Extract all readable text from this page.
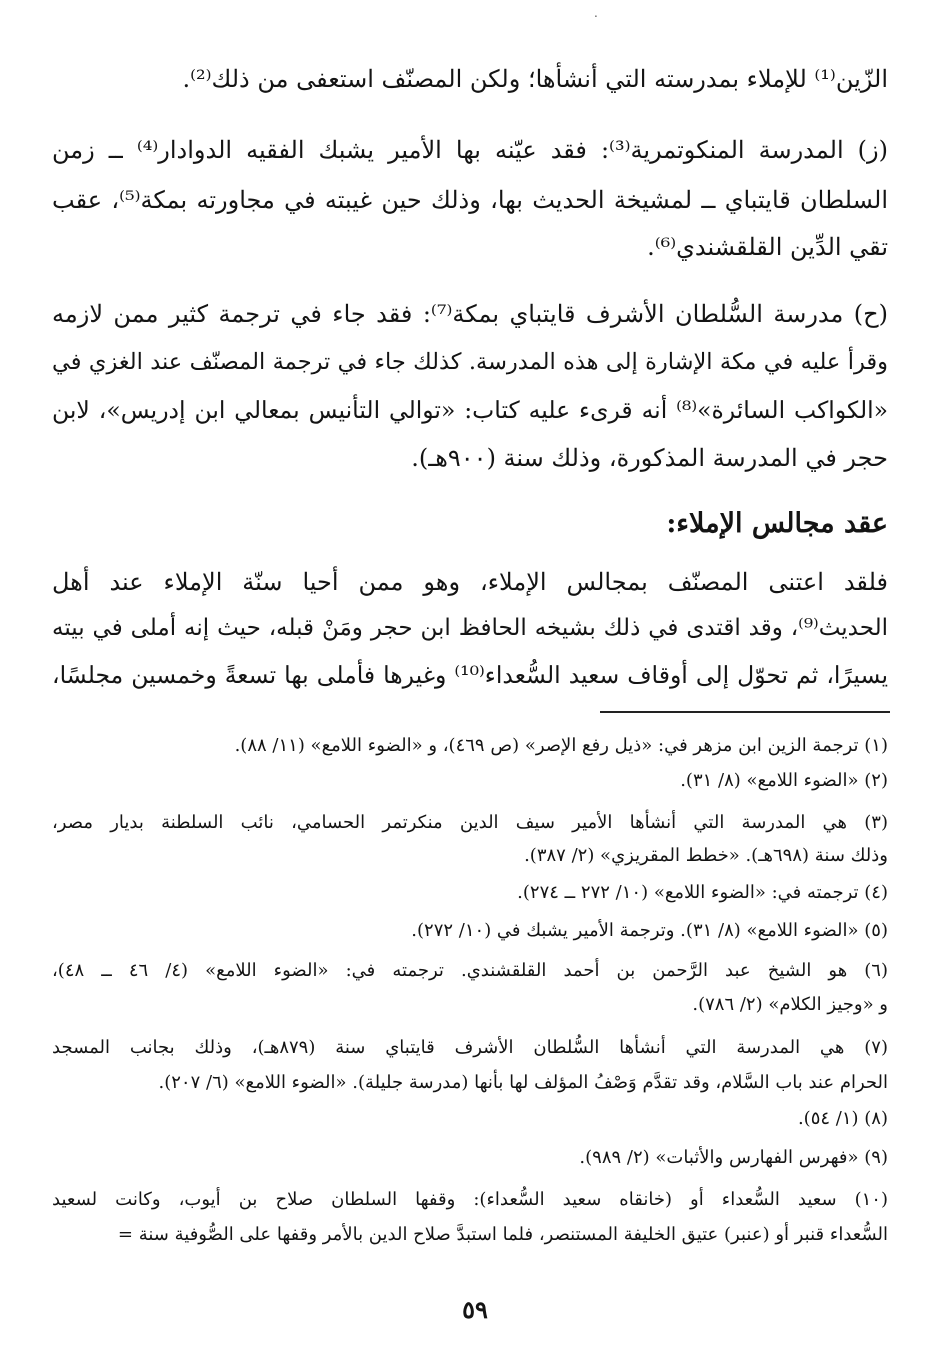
.
الزّين⁽¹⁾ للإملاء بمدرسته التي أنشأها؛ ولكن المصنّف استعفى من ذلك⁽²⁾.
(ز) المدرسة المنكوتمرية⁽³⁾: فقد عيّنه بها الأمير يشبك الفقيه الدوادار⁽⁴⁾ ــ زمن
السلطان قايتباي ــ لمشيخة الحديث بها، وذلك حين غيبته في مجاورته بمكة⁽⁵⁾، عقب
تقي الدِّين القلقشندي⁽⁶⁾.
(ح) مدرسة السُّلطان الأشرف قايتباي بمكة⁽⁷⁾: فقد جاء في ترجمة كثير ممن لازمه
وقرأ عليه في مكة الإشارة إلى هذه المدرسة. كذلك جاء في ترجمة المصنّف عند الغزي في
«الكواكب السائرة»⁽⁸⁾ أنه قرىء عليه كتاب: «توالي التأنيس بمعالي ابن إدريس»، لابن
حجر في المدرسة المذكورة، وذلك سنة (٩٠٠هـ).
عقد مجالس الإملاء:
فلقد اعتنى المصنّف بمجالس الإملاء، وهو ممن أحيا سنّة الإملاء عند أهل
الحديث⁽⁹⁾، وقد اقتدى في ذلك بشيخه الحافظ ابن حجر ومَنْ قبله، حيث إنه أملى في بيته
يسيرًا، ثم تحوّل إلى أوقاف سعيد السُّعداء⁽¹⁰⁾ وغيرها فأملى بها تسعةً وخمسين مجلسًا،
(١) ترجمة الزين ابن مزهر في: «ذيل رفع الإصر» (ص ٤٦٩)، و «الضوء اللامع» (١١/ ٨٨).
(٢) «الضوء اللامع» (٨/ ٣١).
(٣) هي المدرسة التي أنشأها الأمير سيف الدين منكرتمر الحسامي، نائب السلطنة بديار مصر،
وذلك سنة (٦٩٨هـ). «خطط المقريزي» (٢/ ٣٨٧).
(٤) ترجمته في: «الضوء اللامع» (١٠/ ٢٧٢ ــ ٢٧٤).
(٥) «الضوء اللامع» (٨/ ٣١). وترجمة الأمير يشبك في (١٠/ ٢٧٢).
(٦) هو الشيخ عبد الرَّحمن بن أحمد القلقشندي. ترجمته في: «الضوء اللامع» (٤/ ٤٦ ــ ٤٨)،
و «وجيز الكلام» (٢/ ٧٨٦).
(٧) هي المدرسة التي أنشأها السُّلطان الأشرف قايتباي سنة (٨٧٩هـ)، وذلك بجانب المسجد
الحرام عند باب السَّلام، وقد تقدَّم وَصْفُ المؤلف لها بأنها (مدرسة جليلة). «الضوء اللامع» (٦/ ٢٠٧).
(٨) (١/ ٥٤).
(٩) «فهرس الفهارس والأثبات» (٢/ ٩٨٩).
(١٠) سعيد السُّعداء أو (خانقاه سعيد السُّعداء): وقفها السلطان صلاح بن أيوب، وكانت لسعيد
السُّعداء قنبر أو (عنبر) عتيق الخليفة المستنصر، فلما استبدَّ صلاح الدين بالأمر وقفها على الصُّوفية سنة =
٥٩
